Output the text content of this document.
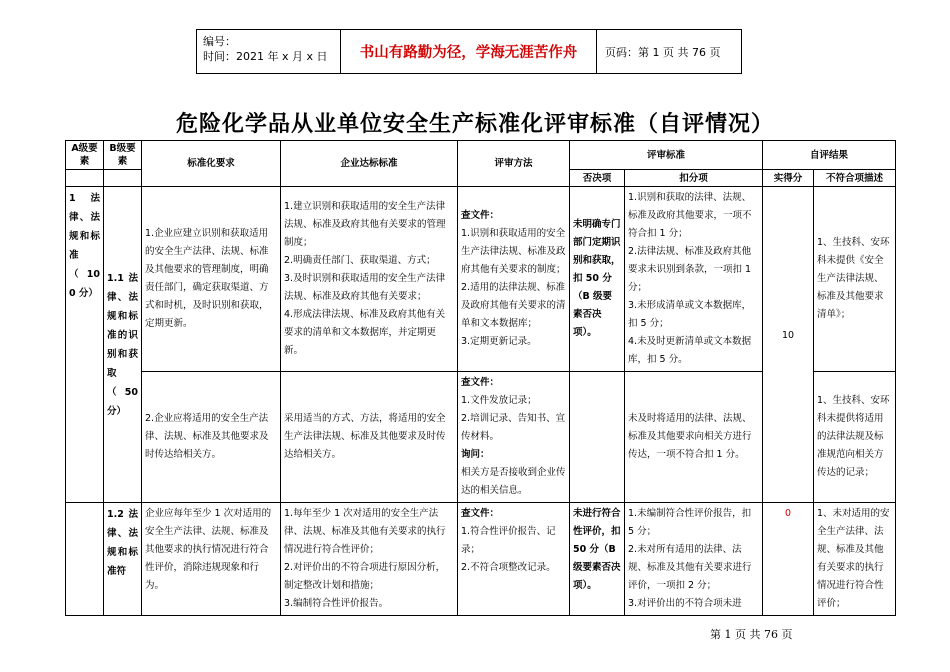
编号：
时间：2021 年 x 月 x 日	书山有路勤为径，学海无涯苦作舟	页码：第 1 页 共 76 页
危险化学品从业单位安全生产标准化评审标准（自评情况）
A级要素	B级要素	标准化要求	企业达标标准	评审方法	评审标准		自评结果	
					否决项	扣分项	实得分	不符合项描述
1 法律、法规和标准（10 0 分）	1.1 法律、法规和标准的识别和获取（50 分）	1.企业应建立识别和获取适用的安全生产法律、法规、标准及其他要求的管理制度，明确责任部门，确定获取渠道、方式和时机，及时识别和获取，定期更新。	1.建立识别和获取适用的安全生产法律法规、标准及政府其他有关要求的管理制度；
2.明确责任部门、获取渠道、方式；
3.及时识别和获取适用的安全生产法律法规、标准及政府其他有关要求；
4.形成法律法规、标准及政府其他有关要求的清单和文本数据库，并定期更新。	查文件：
1.识别和获取适用的安全生产法律法规、标准及政府其他有关要求的制度；
2.适用的法律法规、标准及政府其他有关要求的清单和文本数据库；
3.定期更新记录。	未明确专门部门定期识别和获取，扣 50 分（B 级要素否决项）。	1.识别和获取的法律、法规、标准及政府其他要求，一项不符合扣 1 分；
2.法律法规、标准及政府其他要求未识别到条款，一项扣 1 分；
3.未形成清单或文本数据库，扣 5 分；
4.未及时更新清单或文本数据库，扣 5 分。	10	1、生技科、安环科未提供《安全生产法律法规、标准及其他要求清单》；
		2.企业应将适用的安全生产法律、法规、标准及其他要求及时传达给相关方。	采用适当的方式、方法，将适用的安全生产法律法规、标准及其他要求及时传达给相关方。	查文件：
1.文件发放记录；
2.培训记录、告知书、宣传材料。
询问：
相关方是否接收到企业传达的相关信息。		未及时将适用的法律、法规、标准及其他要求向相关方进行传达，一项不符合扣 1 分。		1、生技科、安环科未提供将适用的法律法规及标准规范向相关方传达的记录；
	1.2 法律、法规和标准符	企业应每年至少 1 次对适用的安全生产法律、法规、标准及其他要求的执行情况进行符合性评价，消除违规现象和行为。	1.每年至少 1 次对适用的安全生产法律、法规、标准及其他有关要求的执行情况进行符合性评价；
2.对评价出的不符合项进行原因分析，制定整改计划和措施；
3.编制符合性评价报告。	查文件：
1.符合性评价报告、记录；
2.不符合项整改记录。	未进行符合性评价，扣 50 分（B 级要素否决项）。	1.未编制符合性评价报告，扣 5 分；
2.未对所有适用的法律、法规、标准及其他有关要求进行评价，一项扣 2 分；
3.对评价出的不符合项未进	0	1、未对适用的安全生产法律、法规、标准及其他有关要求的执行情况进行符合性评价；
第 1 页 共 76 页
